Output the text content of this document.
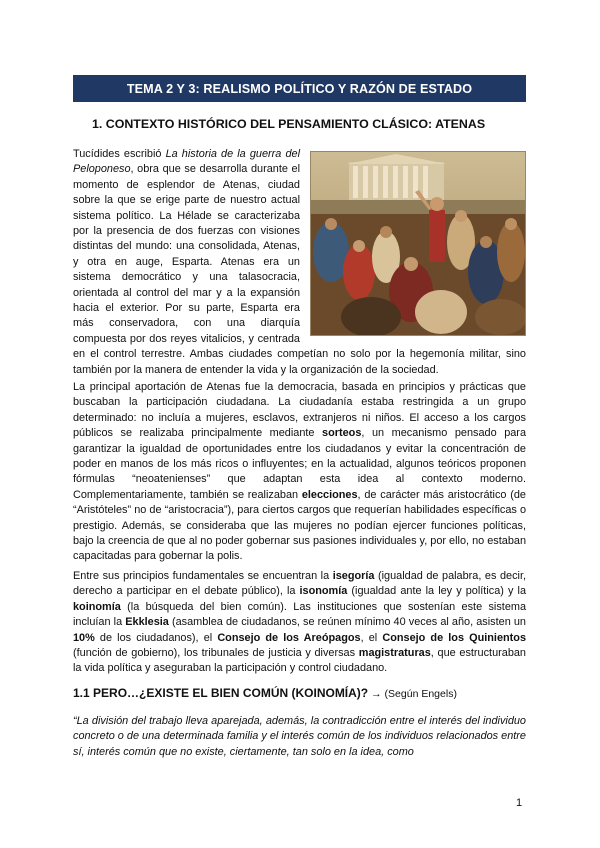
TEMA 2 Y 3: REALISMO POLÍTICO Y RAZÓN DE ESTADO
1. CONTEXTO HISTÓRICO DEL PENSAMIENTO CLÁSICO: ATENAS

Tucídides escribió La historia de la guerra del Peloponeso, obra que se desarrolla durante el momento de esplendor de Atenas, ciudad sobre la que se erige parte de nuestro actual sistema político. La Hélade se caracterizaba por la presencia de dos fuerzas con visiones distintas del mundo: una consolidada, Atenas, y otra en auge, Esparta. Atenas era un sistema democrático y una talasocracia, orientada al control del mar y a la expansión hacia el exterior. Por su parte, Esparta era más conservadora, con una diarquía compuesta por dos reyes vitalicios, y centrada en el control terrestre. Ambas ciudades competían no solo por la hegemonía militar, sino también por la manera de entender la vida y la organización de la sociedad.

La principal aportación de Atenas fue la democracia, basada en principios y prácticas que buscaban la participación ciudadana. La ciudadanía estaba restringida a un grupo determinado: no incluía a mujeres, esclavos, extranjeros ni niños. El acceso a los cargos públicos se realizaba principalmente mediante sorteos, un mecanismo pensado para garantizar la igualdad de oportunidades entre los ciudadanos y evitar la concentración de poder en manos de los más ricos o influyentes; en la actualidad, algunos teóricos proponen fórmulas “neoatenienses” que adaptan esta idea al contexto moderno. Complementariamente, también se realizaban elecciones, de carácter más aristocrático (de “Aristóteles” no de “aristocracia”), para ciertos cargos que requerían habilidades específicas o prestigio. Además, se consideraba que las mujeres no podían ejercer funciones políticas, bajo la creencia de que al no poder gobernar sus pasiones individuales y, por ello, no estaban capacitadas para gobernar la polis.

Entre sus principios fundamentales se encuentran la isegoría (igualdad de palabra, es decir, derecho a participar en el debate público), la isonomía (igualdad ante la ley y política) y la koinomía (la búsqueda del bien común). Las instituciones que sostenían este sistema incluían la Ekklesia (asamblea de ciudadanos, se reúnen mínimo 40 veces al año, asisten un 10% de los ciudadanos), el Consejo de los Areópagos, el Consejo de los Quinientos (función de gobierno), los tribunales de justicia y diversas magistraturas, que estructuraban la vida política y aseguraban la participación y control ciudadano.

1.1 PERO…¿EXISTE EL BIEN COMÚN (KOINOMÍA)? → (Según Engels)
“La división del trabajo lleva aparejada, además, la contradicción entre el interés del individuo concreto o de una determinada familia y el interés común de los individuos relacionados entre sí, interés común que no existe, ciertamente, tan solo en la idea, como
1
